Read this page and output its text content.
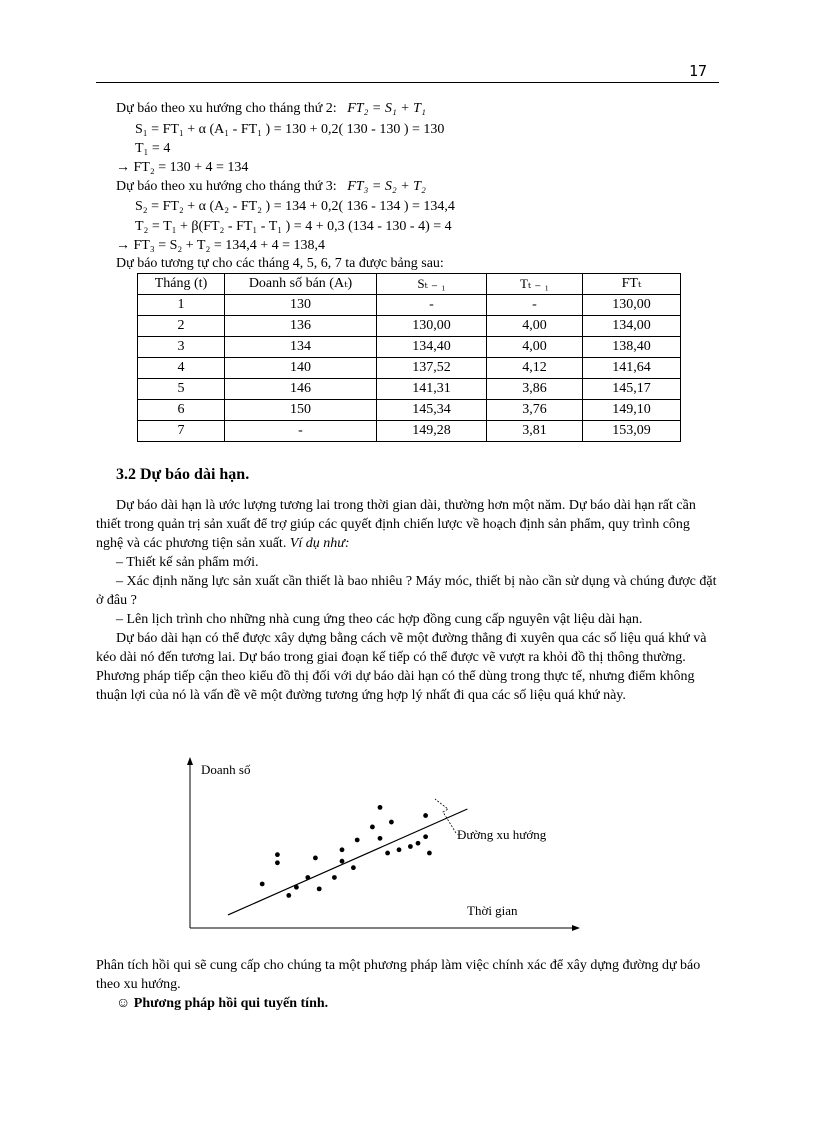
17
Dự báo theo xu hướng cho tháng thứ 2: FT₂ = S₁ + T₁
S₁ = FT₁ + α (A₁ - FT₁ ) = 130 + 0,2( 130 - 130 ) = 130
T₁ = 4
→ FT₂ = 130 + 4 = 134
Dự báo theo xu hướng cho tháng thứ 3: FT₃ = S₂ + T₂
S₂ = FT₂ + α (A₂ - FT₂ ) = 134 + 0,2( 136 - 134 ) = 134,4
T₂ = T₁ + β(FT₂ - FT₁ - T₁ ) = 4 + 0,3 (134 - 130 - 4) = 4
→ FT₃ = S₂ + T₂ = 134,4 + 4 = 138,4
Dự báo tương tự cho các tháng 4, 5, 6, 7 ta được bảng sau:
Tháng (t)	Doanh số bán (Aₜ)	Sₜ ₋ ₁	Tₜ ₋ ₁	FTₜ
1	130	-	-	130,00
2	136	130,00	4,00	134,00
3	134	134,40	4,00	138,40
4	140	137,52	4,12	141,64
5	146	141,31	3,86	145,17
6	150	145,34	3,76	149,10
7	-	149,28	3,81	153,09
3.2 Dự báo dài hạn.

Dự báo dài hạn là ước lượng tương lai trong thời gian dài, thường hơn một năm. Dự báo dài hạn rất cần thiết trong quản trị sản xuất để trợ giúp các quyết định chiến lược về hoạch định sản phẩm, quy trình công nghệ và các phương tiện sản xuất. Ví dụ như:

– Thiết kế sản phẩm mới.

– Xác định năng lực sản xuất cần thiết là bao nhiêu ? Máy móc, thiết bị nào cần sử dụng và chúng được đặt ở đâu ?

– Lên lịch trình cho những nhà cung ứng theo các hợp đồng cung cấp nguyên vật liệu dài hạn.

Dự báo dài hạn có thể được xây dựng bằng cách vẽ một đường thẳng đi xuyên qua các số liệu quá khứ và kéo dài nó đến tương lai. Dự báo trong giai đoạn kế tiếp có thể được vẽ vượt ra khỏi đồ thị thông thường. Phương pháp tiếp cận theo kiểu đồ thị đối với dự báo dài hạn có thể dùng trong thực tế, nhưng điểm không thuận lợi của nó là vấn đề vẽ một đường tương ứng hợp lý nhất đi qua các số liệu quá khứ này.

Doanh số
Thời gian
Đường xu hướng

Phân tích hồi qui sẽ cung cấp cho chúng ta một phương pháp làm việc chính xác để xây dựng đường dự báo theo xu hướng.

☺ Phương pháp hồi qui tuyến tính.
